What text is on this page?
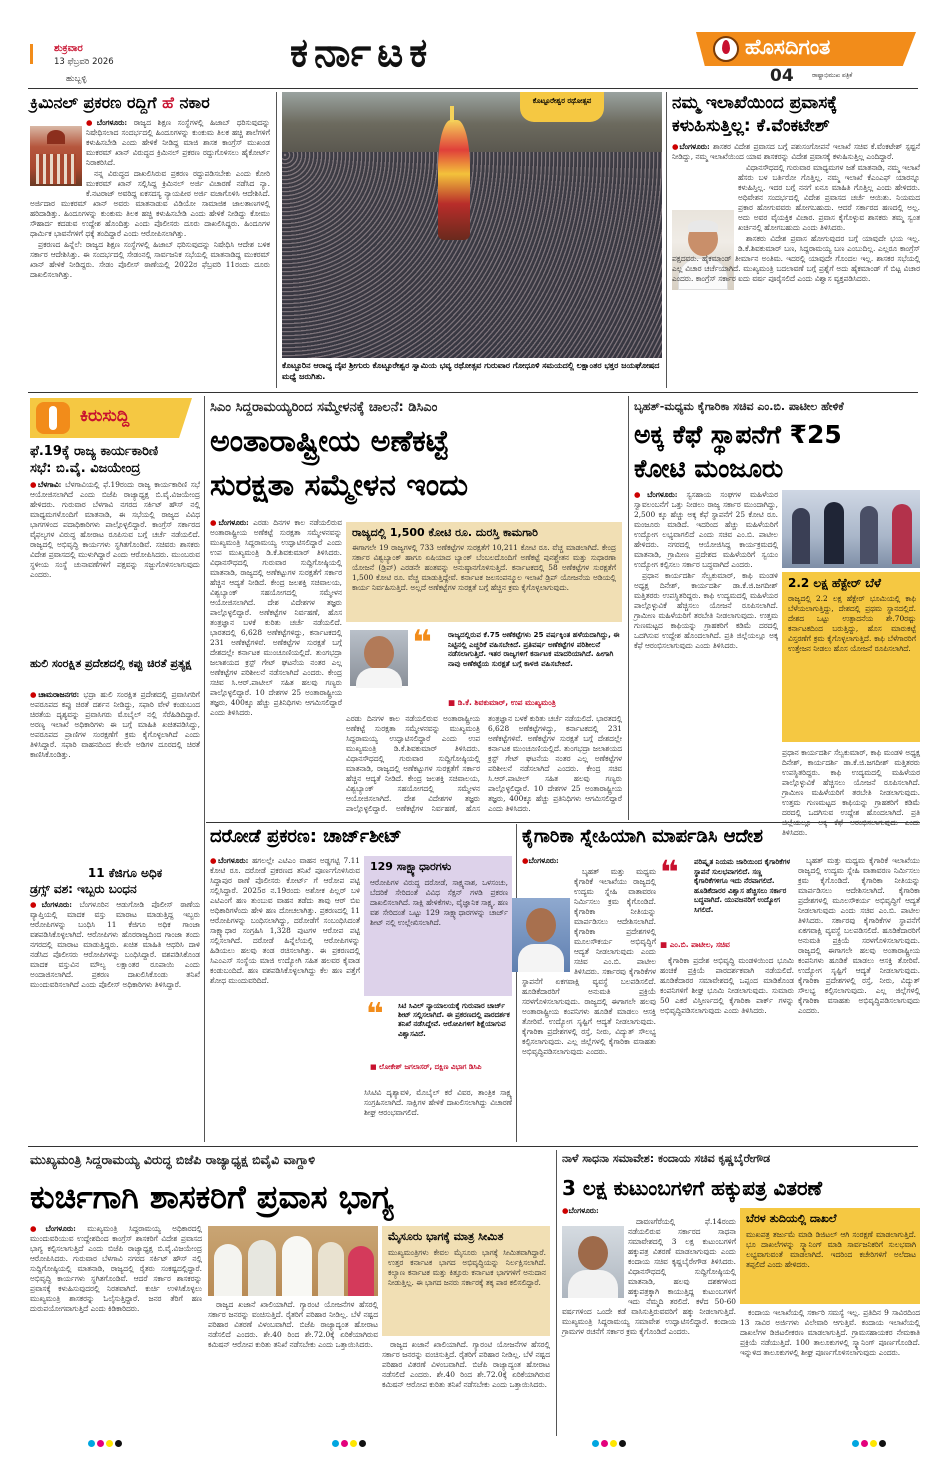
ಶುಕ್ರವಾರ
13 ಫೆಬ್ರವರಿ 2026
ಹುಬ್ಬಳ್ಳಿ
ಕರ್ನಾಟಕ	ಹೊಸದಿಗಂತ
ರಾಷ್ಟ್ರಾಭಿಮುಖ ಪತ್ರಿಕೆ
04
ಕ್ರಿಮಿನಲ್ ಪ್ರಕರಣ ರದ್ದಿಗೆ ಹೆ ನಕಾರ

●ಬೆಂಗಳೂರು: ರಾಜ್ಯದ ಶಿಕ್ಷಣ ಸಂಸ್ಥೆಗಳಲ್ಲಿ ಹಿಜಾಬ್ ಧರಿಸುವುದನ್ನು ನಿಷೇಧಿಸಲಾದ ಸಂದರ್ಭದಲ್ಲಿ ಹಿಂದೂಗಳನ್ನು ಕುಂಕುಮ ತಿಲಕ ಹಚ್ಚಿ ಶಾಲೆಗಳಿಗೆ ಕಳುಹಿಸಬೇಡಿ ಎಂದು ಹೇಳಿಕೆ ನೀಡಿದ್ದ ಮಾಜಿ ಶಾಸಕ ಕಾಂಗ್ರೆಸ್ ಮುಖಂಡ ಮುಕರಮ್ ಖಾನ್ ವಿರುದ್ಧದ ಕ್ರಿಮಿನಲ್ ಪ್ರಕರಣ ರದ್ದುಗೊಳಿಸಲು ಹೈಕೋರ್ಟ್ ನಿರಾಕರಿಸಿದೆ.

ನನ್ನ ವಿರುದ್ಧದ ದಾಖಲಿಸಿರುವ ಪ್ರಕರಣ ರದ್ದುಪಡಿಸಬೇಕು ಎಂದು ಕೋರಿ ಮುಕರಮ್ ಖಾನ್ ಸಲ್ಲಿಸಿದ್ದ ಕ್ರಿಮಿನಲ್ ಅರ್ಜಿ ವಿಚಾರಣೆ ನಡೆಸಿದ ನ್ಯಾ. ಕೆ.ನಟರಾಜ್ ಅವರಿದ್ದ ಏಕಸದಸ್ಯ ನ್ಯಾಯಪೀಠ ಅರ್ಜಿ ವಜಾಗೊಳಿಸಿ ಆದೇಶಿಸಿದೆ. ಅರ್ಜಿದಾರ ಮುಕರಮ್ ಖಾನ್ ಅವರು ಮಾತನಾಡುವ ವಿಡಿಯೋ ಸಾಮಾಜಿಕ ಜಾಲತಾಣಗಳಲ್ಲಿ ಹರಿದಾಡಿತ್ತು. ಹಿಂದೂಗಳನ್ನು ಕುಂಕುಮ ತಿಲಕ ಹಚ್ಚಿ ಕಳುಹಿಸಬೇಡಿ ಎಂದು ಹೇಳಿಕೆ ನೀಡಿದ್ದು ಕೋಮು ಸೌಹಾರ್ದ ಕದಡುವ ಉದ್ದೇಶ ಹೊಂದಿತ್ತು ಎಂದು ಪೊಲೀಸರು ದೂರು ದಾಖಲಿಸಿದ್ದರು. ಹಿಂದೂಗಳ ಧಾರ್ಮಿಕ ಭಾವನೆಗಳಿಗೆ ಧಕ್ಕೆ ತಂದಿದ್ದಾರೆ ಎಂದು ಆರೋಪಿಸಲಾಗಿತ್ತು.

ಪ್ರಕರಣದ ಹಿನ್ನೆಲೆ: ರಾಜ್ಯದ ಶಿಕ್ಷಣ ಸಂಸ್ಥೆಗಳಲ್ಲಿ ಹಿಜಾಬ್ ಧರಿಸುವುದನ್ನು ನಿಷೇಧಿಸಿ ಆದೇಶ ಬಳಿಕ ಸರ್ಕಾರ ಆದೇಶಿಸಿತ್ತು. ಈ ಸಂದರ್ಭದಲ್ಲಿ ಸೇಡಂನಲ್ಲಿ ಸಾರ್ವಜನಿಕ ಸಭೆಯಲ್ಲಿ ಮಾತನಾಡಿದ್ದ ಮುಕರಮ್ ಖಾನ್ ಹೇಳಿಕೆ ನೀಡಿದ್ದರು. ಸೇಡಂ ಪೊಲೀಸ್ ಠಾಣೆಯಲ್ಲಿ 2022ರ ಫೆಬ್ರವರಿ 11ರಂದು ದೂರು ದಾಖಲಿಸಲಾಗಿತ್ತು.

ಕೊಟ್ಟೂರೇಶ್ವರ ರಥೋತ್ಸವ
ಕೊಟ್ಟೂರಿನ ಆರಾಧ್ಯ ದೈವ ಶ್ರೀಗುರು ಕೊಟ್ಟೂರೇಶ್ವರ ಸ್ವಾಮಿಯ ಭವ್ಯ ರಥೋತ್ಸವ ಗುರುವಾರ ಗೋಧೂಳಿ ಸಮಯದಲ್ಲಿ ಲಕ್ಷಾಂತರ ಭಕ್ತರ ಜಯಘೋಷದ ಮಧ್ಯೆ ಜರುಗಿತು.
ನಮ್ಮ ಇಲಾಖೆಯಿಂದ ಪ್ರವಾಸಕ್ಕೆ
ಕಳುಹಿಸುತ್ತಿಲ್ಲ: ಕೆ.ವೆಂಕಟೇಶ್

●ಬೆಂಗಳೂರು: ಶಾಸಕರ ವಿದೇಶ ಪ್ರವಾಸದ ಬಗ್ಗೆ ಪಶುಸಂಗೋಪನೆ ಇಲಾಖೆ ಸಚಿವ ಕೆ.ವೆಂಕಟೇಶ್ ಸ್ಪಷ್ಟನೆ ನೀಡಿದ್ದು, ನಮ್ಮ ಇಲಾಖೆಯಿಂದ ಯಾವ ಶಾಸಕರನ್ನು ವಿದೇಶ ಪ್ರವಾಸಕ್ಕೆ ಕಳುಹಿಸುತ್ತಿಲ್ಲ ಎಂದಿದ್ದಾರೆ.

ವಿಧಾನಸೌಧದಲ್ಲಿ ಗುರುವಾರ ಮಾಧ್ಯಮಗಳ ಜತೆ ಮಾತನಾಡಿ, ನಮ್ಮ ಇಲಾಖೆ ಹೆಸರು ಬಳ ಬರ್ತಿರೋ ಗೊತ್ತಿಲ್ಲ. ನಮ್ಮ ಇಲಾಖೆ ಕೆಎಂಎಫ್ ಯಾರನ್ನೂ ಕಳುಹಿಸ್ತಿಲ್ಲ. ಇದರ ಬಗ್ಗೆ ನನಗೆ ಏನೂ ಮಾಹಿತಿ ಗೊತ್ತಿಲ್ಲ ಎಂದು ಹೇಳಿದರು. ಅಧಿವೇಶನ ಸಂದರ್ಭದಲ್ಲಿ ವಿದೇಶ ಪ್ರವಾಸದ ಚರ್ಚೆ ಆಯಿತು. ನಿಯಮದ ಪ್ರಕಾರ ಹೋಗುವವರು ಹೋಗಬಹುದು. ಆದರೆ ಸರ್ಕಾರದ ಹಣದಲ್ಲಿ ಅಲ್ಲ. ಅದು ಅವರ ವೈಯಕ್ತಿಕ ವಿಚಾರ. ಪ್ರವಾಸ ಕೈಗೊಳ್ಳುವ ಶಾಸಕರು ತಮ್ಮ ಸ್ವಂತ ಖರ್ಚಿನಲ್ಲಿ ಹೋಗಬಹುದು ಎಂದು ತಿಳಿಸಿದರು.

ಶಾಸಕರು ವಿದೇಶ ಪ್ರವಾಸ ಹೋಗುವುದರ ಬಗ್ಗೆ ಯಾವುದೇ ಭಯ ಇಲ್ಲ. ಡಿ.ಕೆ.ಶಿವಕುಮಾರ್ ಬಣ, ಸಿದ್ದರಾಮಯ್ಯ ಬಣ ಎಂಬುದಿಲ್ಲ. ಎಲ್ಲರೂ ಕಾಂಗ್ರೆಸ್ ಪಕ್ಷದವರು. ಹೈಕಮಾಂಡ್ ತೀರ್ಮಾನ ಅಂತಿಮ. ಇದರಲ್ಲಿ ಯಾವುದೇ ಗೊಂದಲ ಇಲ್ಲ. ಶಾಸಕರ ಸಭೆಯಲ್ಲಿ ಎಲ್ಲ ವಿಚಾರ ಚರ್ಚೆಯಾಗಿದೆ. ಮುಖ್ಯಮಂತ್ರಿ ಬದಲಾವಣೆ ಬಗ್ಗೆ ಪ್ರಶ್ನೆಗೆ ಅದು ಹೈಕಮಾಂಡ್ ಗೆ ಬಿಟ್ಟ ವಿಚಾರ ಎಂದರು. ಕಾಂಗ್ರೆಸ್ ಸರ್ಕಾರ ಐದು ವರ್ಷ ಪೂರೈಸಲಿದೆ ಎಂದು ವಿಶ್ವಾಸ ವ್ಯಕ್ತಪಡಿಸಿದರು.

ಕಿರುಸುದ್ದಿ
ಫೆ.19ಕ್ಕೆ ರಾಜ್ಯ ಕಾರ್ಯಕಾರಿಣಿ
ಸಭೆ: ಬಿ.ವೈ. ವಿಜಯೇಂದ್ರ

●ಬೆಳಗಾವಿ: ಬೆಳಗಾವಿಯಲ್ಲಿ ಫೆ.19ರಂದು ರಾಜ್ಯ ಕಾರ್ಯಕಾರಿಣಿ ಸಭೆ ಆಯೋಜಿಸಲಾಗಿದೆ ಎಂದು ಬಿಜೆಪಿ ರಾಜ್ಯಾಧ್ಯಕ್ಷ ಬಿ.ವೈ.ವಿಜಯೇಂದ್ರ ಹೇಳಿದರು. ಗುರುವಾರ ಬೆಳಗಾವಿ ನಗರದ ಸರ್ಕಿಟ್ ಹೌಸ್ ನಲ್ಲಿ ಮಾಧ್ಯಮಗಳೊಂದಿಗೆ ಮಾತನಾಡಿ, ಈ ಸಭೆಯಲ್ಲಿ ರಾಜ್ಯದ ವಿವಿಧ ಭಾಗಗಳಿಂದ ಪದಾಧಿಕಾರಿಗಳು ಪಾಲ್ಗೊಳ್ಳಲಿದ್ದಾರೆ. ಕಾಂಗ್ರೆಸ್ ಸರ್ಕಾರದ ವೈಫಲ್ಯಗಳ ವಿರುದ್ಧ ಹೋರಾಟ ರೂಪಿಸುವ ಬಗ್ಗೆ ಚರ್ಚೆ ನಡೆಯಲಿದೆ. ರಾಜ್ಯದಲ್ಲಿ ಅಭಿವೃದ್ಧಿ ಕಾರ್ಯಗಳು ಸ್ಥಗಿತಗೊಂಡಿವೆ. ಸಚಿವರು ಶಾಸಕರು ವಿದೇಶ ಪ್ರವಾಸದಲ್ಲಿ ಮುಳುಗಿದ್ದಾರೆ ಎಂದು ಆರೋಪಿಸಿದರು. ಮುಂಬರುವ ಸ್ಥಳೀಯ ಸಂಸ್ಥೆ ಚುನಾವಣೆಗಳಿಗೆ ಪಕ್ಷವನ್ನು ಸಜ್ಜುಗೊಳಿಸಲಾಗುವುದು ಎಂದರು.

ಹುಲಿ ಸಂರಕ್ಷಿತ ಪ್ರದೇಶದಲ್ಲಿ ಕಪ್ಪು ಚಿರತೆ ಪ್ರತ್ಯಕ್ಷ

●ಚಾಮರಾಜನಗರ: ಭದ್ರಾ ಹುಲಿ ಸಂರಕ್ಷಿತ ಪ್ರದೇಶದಲ್ಲಿ ಪ್ರವಾಸಿಗರಿಗೆ ಅಪರೂಪದ ಕಪ್ಪು ಚಿರತೆ ದರ್ಶನ ನೀಡಿದ್ದು, ಸಫಾರಿ ವೇಳೆ ಕಂಡುಬಂದ ಚಿರತೆಯ ದೃಶ್ಯವನ್ನು ಪ್ರವಾಸಿಗರು ಮೊಬೈಲ್ ನಲ್ಲಿ ಸೆರೆಹಿಡಿದಿದ್ದಾರೆ. ಅರಣ್ಯ ಇಲಾಖೆ ಅಧಿಕಾರಿಗಳು ಈ ಬಗ್ಗೆ ಮಾಹಿತಿ ಖಚಿತಪಡಿಸಿದ್ದು, ಅಪರೂಪದ ಪ್ರಾಣಿಗಳ ಸಂರಕ್ಷಣೆಗೆ ಕ್ರಮ ಕೈಗೊಳ್ಳಲಾಗಿದೆ ಎಂದು ತಿಳಿಸಿದ್ದಾರೆ. ಸಫಾರಿ ವಾಹನದಿಂದ ಕೆಲವೇ ಅಡಿಗಳ ದೂರದಲ್ಲಿ ಚಿರತೆ ಕಾಣಿಸಿಕೊಂಡಿತ್ತು.

11 ಕೆಜಿಗೂ ಅಧಿಕ
ಡ್ರಗ್ಸ್ ವಶ: ಇಬ್ಬರು ಬಂಧನ

●ಬೆಂಗಳೂರು: ಬೆಂಗಳೂರಿನ ಆಡುಗೋಡಿ ಪೊಲೀಸ್ ಠಾಣೆಯ ವ್ಯಾಪ್ತಿಯಲ್ಲಿ ಮಾದಕ ವಸ್ತು ಮಾರಾಟ ಮಾಡುತ್ತಿದ್ದ ಇಬ್ಬರು ಆರೋಪಿಗಳನ್ನು ಬಂಧಿಸಿ 11 ಕೆಜಿಗೂ ಅಧಿಕ ಗಾಂಜಾ ವಶಪಡಿಸಿಕೊಳ್ಳಲಾಗಿದೆ. ಆರೋಪಿಗಳು ಹೊರರಾಜ್ಯದಿಂದ ಗಾಂಜಾ ತಂದು ನಗರದಲ್ಲಿ ಮಾರಾಟ ಮಾಡುತ್ತಿದ್ದರು. ಖಚಿತ ಮಾಹಿತಿ ಆಧರಿಸಿ ದಾಳಿ ನಡೆಸಿದ ಪೊಲೀಸರು ಆರೋಪಿಗಳನ್ನು ಬಂಧಿಸಿದ್ದಾರೆ. ವಶಪಡಿಸಿಕೊಂಡ ಮಾದಕ ವಸ್ತುವಿನ ಮೌಲ್ಯ ಲಕ್ಷಾಂತರ ರೂಪಾಯಿ ಎಂದು ಅಂದಾಜಿಸಲಾಗಿದೆ. ಪ್ರಕರಣ ದಾಖಲಿಸಿಕೊಂಡು ತನಿಖೆ ಮುಂದುವರಿಸಲಾಗಿದೆ ಎಂದು ಪೊಲೀಸ್ ಅಧಿಕಾರಿಗಳು ತಿಳಿಸಿದ್ದಾರೆ.

ಸಿಎಂ ಸಿದ್ದರಾಮಯ್ಯರಿಂದ ಸಮ್ಮೇಳನಕ್ಕೆ ಚಾಲನೆ: ಡಿಸಿಎಂ
ಅಂತಾರಾಷ್ಟ್ರೀಯ ಅಣೆಕಟ್ಟೆ
ಸುರಕ್ಷತಾ ಸಮ್ಮೇಳನ ಇಂದು

●ಬೆಂಗಳೂರು: ಎರಡು ದಿನಗಳ ಕಾಲ ನಡೆಯಲಿರುವ ಅಂತಾರಾಷ್ಟ್ರೀಯ ಅಣೆಕಟ್ಟೆ ಸುರಕ್ಷತಾ ಸಮ್ಮೇಳನವನ್ನು ಮುಖ್ಯಮಂತ್ರಿ ಸಿದ್ದರಾಮಯ್ಯ ಉದ್ಘಾಟಿಸಲಿದ್ದಾರೆ ಎಂದು ಉಪ ಮುಖ್ಯಮಂತ್ರಿ ಡಿ.ಕೆ.ಶಿವಕುಮಾರ್ ತಿಳಿಸಿದರು. ವಿಧಾನಸೌಧದಲ್ಲಿ ಗುರುವಾರ ಸುದ್ದಿಗೋಷ್ಠಿಯಲ್ಲಿ ಮಾತನಾಡಿ, ರಾಜ್ಯದಲ್ಲಿ ಅಣೆಕಟ್ಟುಗಳ ಸುರಕ್ಷತೆಗೆ ಸರ್ಕಾರ ಹೆಚ್ಚಿನ ಆದ್ಯತೆ ನೀಡಿದೆ. ಕೇಂದ್ರ ಜಲಶಕ್ತಿ ಸಚಿವಾಲಯ, ವಿಶ್ವಬ್ಯಾಂಕ್ ಸಹಯೋಗದಲ್ಲಿ ಸಮ್ಮೇಳನ ಆಯೋಜಿಸಲಾಗಿದೆ. ದೇಶ ವಿದೇಶಗಳ ತಜ್ಞರು ಪಾಲ್ಗೊಳ್ಳಲಿದ್ದಾರೆ. ಅಣೆಕಟ್ಟೆಗಳ ನಿರ್ವಹಣೆ, ಹೊಸ ತಂತ್ರಜ್ಞಾನ ಬಳಕೆ ಕುರಿತು ಚರ್ಚೆ ನಡೆಯಲಿದೆ. ಭಾರತದಲ್ಲಿ 6,628 ಅಣೆಕಟ್ಟೆಗಳಿದ್ದು, ಕರ್ನಾಟಕದಲ್ಲಿ 231 ಅಣೆಕಟ್ಟೆಗಳಿವೆ. ಅಣೆಕಟ್ಟೆಗಳ ಸುರಕ್ಷತೆ ಬಗ್ಗೆ ದೇಶದಲ್ಲೇ ಕರ್ನಾಟಕ ಮುಂಚೂಣಿಯಲ್ಲಿದೆ. ತುಂಗಭದ್ರಾ ಜಲಾಶಯದ ಕ್ರಸ್ಟ್ ಗೇಟ್ ಘಟನೆಯ ನಂತರ ಎಲ್ಲ ಅಣೆಕಟ್ಟೆಗಳ ಪರಿಶೀಲನೆ ನಡೆಸಲಾಗಿದೆ ಎಂದರು. ಕೇಂದ್ರ ಸಚಿವ ಸಿ.ಆರ್.ಪಾಟೀಲ್ ಸಹಿತ ಹಲವು ಗಣ್ಯರು ಪಾಲ್ಗೊಳ್ಳಲಿದ್ದಾರೆ. 10 ದೇಶಗಳ 25 ಅಂತಾರಾಷ್ಟ್ರೀಯ ತಜ್ಞರು, 400ಕ್ಕೂ ಹೆಚ್ಚು ಪ್ರತಿನಿಧಿಗಳು ಆಗಮಿಸಲಿದ್ದಾರೆ ಎಂದು ತಿಳಿಸಿದರು.

ರಾಜ್ಯದಲ್ಲಿ 1,500 ಕೋಟಿ ರೂ. ದುರಸ್ತಿ ಕಾಮಗಾರಿ
ಈಗಾಗಲೇ 19 ರಾಜ್ಯಗಳಲ್ಲಿ 733 ಅಣೆಕಟ್ಟೆಗಳ ಸುರಕ್ಷತೆಗೆ 10,211 ಕೋಟಿ ರೂ. ವೆಚ್ಚ ಮಾಡಲಾಗಿದೆ. ಕೇಂದ್ರ ಸರ್ಕಾರ ವಿಶ್ವಬ್ಯಾಂಕ್ ಹಾಗೂ ಏಷಿಯಾದ ಬ್ಯಾಂಕ್ ಬೆಂಬಲದೊಂದಿಗೆ ಅಣೆಕಟ್ಟೆ ಪುನಶ್ಚೇತನ ಮತ್ತು ಸುಧಾರಣಾ ಯೋಜನೆ (ಡ್ರಿಪ್) ಎರಡನೇ ಹಂತವನ್ನು ಅನುಷ್ಠಾನಗೊಳಿಸುತ್ತಿದೆ. ಕರ್ನಾಟಕದಲ್ಲಿ 58 ಅಣೆಕಟ್ಟೆಗಳ ಸುರಕ್ಷತೆಗೆ 1,500 ಕೋಟಿ ರೂ. ವೆಚ್ಚ ಮಾಡುತ್ತಿದ್ದೇವೆ. ಕರ್ನಾಟಕ ಜಲಸಂಪನ್ಮೂಲ ಇಲಾಖೆ ಡ್ರಿಪ್ ಯೋಜನೆಯ ಅಡಿಯಲ್ಲಿ ಕಾರ್ಯ ನಿರ್ವಹಿಸುತ್ತಿದೆ. ಅಲ್ಲದೆ ಅಣೆಕಟ್ಟೆಗಳ ಸುರಕ್ಷತೆ ಬಗ್ಗೆ ಹೆಚ್ಚಿನ ಕ್ರಮ ಕೈಗೊಳ್ಳಲಾಗುವುದು.
❝ ರಾಜ್ಯದಲ್ಲಿರುವ ಕೆ.75 ಅಣೆಕಟ್ಟೆಗಳು 25 ವರ್ಷಕ್ಕಿಂತ ಹಳೆಯದಾಗಿದ್ದು, ಈ ನಿಟ್ಟಿನಲ್ಲಿ ಎಚ್ಚರಿಕೆ ವಹಿಸಬೇಕಿದೆ. ಪ್ರತಿವರ್ಷ ಅಣೆಕಟ್ಟೆಗಳ ಪರಿಶೀಲನೆ ನಡೆಸಲಾಗುತ್ತಿದೆ. ಇತರ ರಾಜ್ಯಗಳಿಗೆ ಕರ್ನಾಟಕ ಮಾದರಿಯಾಗಿದೆ. ಹೀಗಾಗಿ ನಾವು ಅಣೆಕಟ್ಟೆಯ ಸುರಕ್ಷತೆ ಬಗ್ಗೆ ಕಾಳಜಿ ವಹಿಸಬೇಕಿದೆ.
■ ಡಿ.ಕೆ. ಶಿವಕುಮಾರ್, ಉಪ ಮುಖ್ಯಮಂತ್ರಿ

ಎರಡು ದಿನಗಳ ಕಾಲ ನಡೆಯಲಿರುವ ಅಂತಾರಾಷ್ಟ್ರೀಯ ಅಣೆಕಟ್ಟೆ ಸುರಕ್ಷತಾ ಸಮ್ಮೇಳನವನ್ನು ಮುಖ್ಯಮಂತ್ರಿ ಸಿದ್ದರಾಮಯ್ಯ ಉದ್ಘಾಟಿಸಲಿದ್ದಾರೆ ಎಂದು ಉಪ ಮುಖ್ಯಮಂತ್ರಿ ಡಿ.ಕೆ.ಶಿವಕುಮಾರ್ ತಿಳಿಸಿದರು. ವಿಧಾನಸೌಧದಲ್ಲಿ ಗುರುವಾರ ಸುದ್ದಿಗೋಷ್ಠಿಯಲ್ಲಿ ಮಾತನಾಡಿ, ರಾಜ್ಯದಲ್ಲಿ ಅಣೆಕಟ್ಟುಗಳ ಸುರಕ್ಷತೆಗೆ ಸರ್ಕಾರ ಹೆಚ್ಚಿನ ಆದ್ಯತೆ ನೀಡಿದೆ. ಕೇಂದ್ರ ಜಲಶಕ್ತಿ ಸಚಿವಾಲಯ, ವಿಶ್ವಬ್ಯಾಂಕ್ ಸಹಯೋಗದಲ್ಲಿ ಸಮ್ಮೇಳನ ಆಯೋಜಿಸಲಾಗಿದೆ. ದೇಶ ವಿದೇಶಗಳ ತಜ್ಞರು ಪಾಲ್ಗೊಳ್ಳಲಿದ್ದಾರೆ. ಅಣೆಕಟ್ಟೆಗಳ ನಿರ್ವಹಣೆ, ಹೊಸ ತಂತ್ರಜ್ಞಾನ ಬಳಕೆ ಕುರಿತು ಚರ್ಚೆ ನಡೆಯಲಿದೆ. ಭಾರತದಲ್ಲಿ 6,628 ಅಣೆಕಟ್ಟೆಗಳಿದ್ದು, ಕರ್ನಾಟಕದಲ್ಲಿ 231 ಅಣೆಕಟ್ಟೆಗಳಿವೆ. ಅಣೆಕಟ್ಟೆಗಳ ಸುರಕ್ಷತೆ ಬಗ್ಗೆ ದೇಶದಲ್ಲೇ ಕರ್ನಾಟಕ ಮುಂಚೂಣಿಯಲ್ಲಿದೆ. ತುಂಗಭದ್ರಾ ಜಲಾಶಯದ ಕ್ರಸ್ಟ್ ಗೇಟ್ ಘಟನೆಯ ನಂತರ ಎಲ್ಲ ಅಣೆಕಟ್ಟೆಗಳ ಪರಿಶೀಲನೆ ನಡೆಸಲಾಗಿದೆ ಎಂದರು. ಕೇಂದ್ರ ಸಚಿವ ಸಿ.ಆರ್.ಪಾಟೀಲ್ ಸಹಿತ ಹಲವು ಗಣ್ಯರು ಪಾಲ್ಗೊಳ್ಳಲಿದ್ದಾರೆ. 10 ದೇಶಗಳ 25 ಅಂತಾರಾಷ್ಟ್ರೀಯ ತಜ್ಞರು, 400ಕ್ಕೂ ಹೆಚ್ಚು ಪ್ರತಿನಿಧಿಗಳು ಆಗಮಿಸಲಿದ್ದಾರೆ ಎಂದು ತಿಳಿಸಿದರು.

ಬೃಹತ್-ಮಧ್ಯಮ ಕೈಗಾರಿಕಾ ಸಚಿವ ಎಂ.ಬಿ. ಪಾಟೀಲ ಹೇಳಿಕೆ
ಅಕ್ಕ ಕೆಫೆ ಸ್ಥಾಪನೆಗೆ ₹25
ಕೋಟಿ ಮಂಜೂರು

●ಬೆಂಗಳೂರು: ಸ್ವಸಹಾಯ ಸಂಘಗಳ ಮಹಿಳೆಯರ ಸ್ವಾವಲಂಬನೆಗೆ ಒತ್ತು ನೀಡಲು ರಾಜ್ಯ ಸರ್ಕಾರ ಮುಂದಾಗಿದ್ದು, 2,500 ಕ್ಕೂ ಹೆಚ್ಚು ಅಕ್ಕ ಕೆಫೆ ಸ್ಥಾಪನೆಗೆ 25 ಕೋಟಿ ರೂ. ಮಂಜೂರು ಮಾಡಿದೆ. ಇದರಿಂದ ಹೆಚ್ಚು ಮಹಿಳೆಯರಿಗೆ ಉದ್ಯೋಗ ಲಭ್ಯವಾಗಲಿದೆ ಎಂದು ಸಚಿವ ಎಂ.ಬಿ. ಪಾಟೀಲ ಹೇಳಿದರು. ನಗರದಲ್ಲಿ ಆಯೋಜಿಸಿದ್ದ ಕಾರ್ಯಕ್ರಮದಲ್ಲಿ ಮಾತನಾಡಿ, ಗ್ರಾಮೀಣ ಪ್ರದೇಶದ ಮಹಿಳೆಯರಿಗೆ ಸ್ವಯಂ ಉದ್ಯೋಗ ಕಲ್ಪಿಸಲು ಸರ್ಕಾರ ಬದ್ಧವಾಗಿದೆ ಎಂದರು.

ಪ್ರಧಾನ ಕಾರ್ಯದರ್ಶಿ ಸೆಲ್ವಕುಮಾರ್, ಕಾಫಿ ಮಂಡಳಿ ಅಧ್ಯಕ್ಷ ದಿನೇಶ್, ಕಾರ್ಯದರ್ಶಿ ಡಾ.ಕೆ.ಜಿ.ಜಗದೀಶ್ ಮತ್ತಿತರರು ಉಪಸ್ಥಿತರಿದ್ದರು. ಕಾಫಿ ಉದ್ಯಮದಲ್ಲಿ ಮಹಿಳೆಯರ ಪಾಲ್ಗೊಳ್ಳುವಿಕೆ ಹೆಚ್ಚಿಸಲು ಯೋಜನೆ ರೂಪಿಸಲಾಗಿದೆ. ಗ್ರಾಮೀಣ ಮಹಿಳೆಯರಿಗೆ ತರಬೇತಿ ನೀಡಲಾಗುವುದು. ಉತ್ತಮ ಗುಣಮಟ್ಟದ ಕಾಫಿಯನ್ನು ಗ್ರಾಹಕರಿಗೆ ಕಡಿಮೆ ದರದಲ್ಲಿ ಒದಗಿಸುವ ಉದ್ದೇಶ ಹೊಂದಲಾಗಿದೆ. ಪ್ರತಿ ಜಿಲ್ಲೆಯಲ್ಲೂ ಅಕ್ಕ ಕೆಫೆ ಆರಂಭಿಸಲಾಗುವುದು ಎಂದು ತಿಳಿಸಿದರು.

2.2 ಲಕ್ಷ ಹೆಕ್ಟೇರ್ ಬೆಳೆ
ರಾಜ್ಯದಲ್ಲಿ 2.2 ಲಕ್ಷ ಹೆಕ್ಟೇರ್ ಭೂಮಿಯಲ್ಲಿ ಕಾಫಿ ಬೆಳೆಯಲಾಗುತ್ತಿದ್ದು, ದೇಶದಲ್ಲಿ ಪ್ರಥಮ ಸ್ಥಾನದಲ್ಲಿದೆ. ದೇಶದ ಒಟ್ಟು ಉತ್ಪಾದನೆಯ ಶೇ.70ರಷ್ಟು ಕರ್ನಾಟಕದಿಂದ ಬರುತ್ತಿದ್ದು, ಹೊಸ ಮಾರುಕಟ್ಟೆ ವಿಸ್ತರಣೆಗೆ ಕ್ರಮ ಕೈಗೊಳ್ಳಲಾಗುತ್ತಿದೆ. ಕಾಫಿ ಬೆಳೆಗಾರರಿಗೆ ಉತ್ತೇಜನ ನೀಡಲು ಹೊಸ ಯೋಜನೆ ರೂಪಿಸಲಾಗಿದೆ.

ಪ್ರಧಾನ ಕಾರ್ಯದರ್ಶಿ ಸೆಲ್ವಕುಮಾರ್, ಕಾಫಿ ಮಂಡಳಿ ಅಧ್ಯಕ್ಷ ದಿನೇಶ್, ಕಾರ್ಯದರ್ಶಿ ಡಾ.ಕೆ.ಜಿ.ಜಗದೀಶ್ ಮತ್ತಿತರರು ಉಪಸ್ಥಿತರಿದ್ದರು. ಕಾಫಿ ಉದ್ಯಮದಲ್ಲಿ ಮಹಿಳೆಯರ ಪಾಲ್ಗೊಳ್ಳುವಿಕೆ ಹೆಚ್ಚಿಸಲು ಯೋಜನೆ ರೂಪಿಸಲಾಗಿದೆ. ಗ್ರಾಮೀಣ ಮಹಿಳೆಯರಿಗೆ ತರಬೇತಿ ನೀಡಲಾಗುವುದು. ಉತ್ತಮ ಗುಣಮಟ್ಟದ ಕಾಫಿಯನ್ನು ಗ್ರಾಹಕರಿಗೆ ಕಡಿಮೆ ದರದಲ್ಲಿ ಒದಗಿಸುವ ಉದ್ದೇಶ ಹೊಂದಲಾಗಿದೆ. ಪ್ರತಿ ತಿಳಿಸಿದರು.

ದರೋಡೆ ಪ್ರಕರಣ: ಚಾರ್ಜ್‌ಶೀಟ್

●ಬೆಂಗಳೂರು: ಹಗಲಲ್ಲೇ ಎಟಿಎಂ ವಾಹನ ಅಡ್ಡಗಟ್ಟಿ 7.11 ಕೋಟಿ ರೂ. ದರೋಡೆ ಪ್ರಕರಣದ ತನಿಖೆ ಪೂರ್ಣಗೊಳಿಸಿರುವ ಸಿದ್ದಾಪುರ ಠಾಣೆ ಪೊಲೀಸರು ಕೋರ್ಟ್ ಗೆ ಆರೋಪ ಪಟ್ಟಿ ಸಲ್ಲಿಸಿದ್ದಾರೆ. 2025ರ ನ.19ರಂದು ಅಶೋಕ ಪಿಲ್ಲರ್ ಬಳಿ ಎಟಿಎಂಗೆ ಹಣ ತುಂಬುವ ವಾಹನ ತಡೆದು ತಾವು ಆರ್ ಬಿಐ ಅಧಿಕಾರಿಗಳೆಂದು ಹೇಳಿ ಹಣ ದೋಚಲಾಗಿತ್ತು. ಪ್ರಕರಣದಲ್ಲಿ 11 ಆರೋಪಿಗಳನ್ನು ಬಂಧಿಸಲಾಗಿದ್ದು, ದರೋಡೆಗೆ ಸಂಬಂಧಿಸಿದಂತೆ ಸಾಕ್ಷ್ಯಾಧಾರ ಸಂಗ್ರಹಿಸಿ 1,328 ಪುಟಗಳ ಆರೋಪ ಪಟ್ಟಿ ಸಲ್ಲಿಸಲಾಗಿದೆ. ದರೋಡೆ ಹಿನ್ನೆಲೆಯಲ್ಲಿ ಆರೋಪಿಗಳನ್ನು ಹಿಡಿಯಲು ಹಲವು ತಂಡ ರಚಿಸಲಾಗಿತ್ತು. ಈ ಪ್ರಕರಣದಲ್ಲಿ ಸಿಎಂಎಸ್ ಸಂಸ್ಥೆಯ ಮಾಜಿ ಉದ್ಯೋಗಿ ಸಹಿತ ಹಲವರ ಕೈವಾಡ ಕಂಡುಬಂದಿದೆ. ಹಣ ವಶಪಡಿಸಿಕೊಳ್ಳಲಾಗಿದ್ದು ಕೆಲ ಹಣ ಪತ್ತೆಗೆ ಶೋಧ ಮುಂದುವರಿದಿದೆ.

129 ಸಾಕ್ಷ್ಯಾಧಾರಗಳು
ಆರೋಪಿಗಳ ವಿರುದ್ಧ ದರೋಡೆ, ಸಾಕ್ಷ್ಯನಾಶ, ಒಳಸಂಚು, ಬೆದರಿಕೆ ಸೇರಿದಂತೆ ವಿವಿಧ ಸೆಕ್ಷನ್ ಗಳಡಿ ಪ್ರಕರಣ ದಾಖಲಿಸಲಾಗಿದೆ. ಸಾಕ್ಷಿ ಹೇಳಿಕೆಗಳು, ವೈಜ್ಞಾನಿಕ ಸಾಕ್ಷ್ಯ, ಹಣ ವಶ ಸೇರಿದಂತೆ ಒಟ್ಟು 129 ಸಾಕ್ಷ್ಯಾಧಾರಗಳನ್ನು ಚಾರ್ಜ್ ಶೀಟ್ ನಲ್ಲಿ ಉಲ್ಲೇಖಿಸಲಾಗಿದೆ.
❝ ಸಿಟಿ ಸಿವಿಲ್ ನ್ಯಾಯಾಲಯಕ್ಕೆ ಗುರುವಾರ ಚಾರ್ಜ್ ಶೀಟ್ ಸಲ್ಲಿಸಲಾಗಿದೆ. ಈ ಪ್ರಕರಣದಲ್ಲಿ ಪಾರದರ್ಶಕ ತನಿಖೆ ನಡೆಸಿದ್ದೇವೆ. ಆರೋಪಿಗಳಿಗೆ ಶಿಕ್ಷೆಯಾಗುವ ವಿಶ್ವಾಸವಿದೆ.
■ ಲೋಕೇಶ್ ಜಗಲಾಸರ್, ದಕ್ಷಿಣ ವಿಭಾಗ ಡಿಸಿಪಿ
ಸಿಸಿಟಿವಿ ದೃಶ್ಯಾವಳಿ, ಮೊಬೈಲ್ ಕರೆ ವಿವರ, ತಾಂತ್ರಿಕ ಸಾಕ್ಷ್ಯ ಸಂಗ್ರಹಿಸಲಾಗಿದೆ. ಸಾಕ್ಷಿಗಳ ಹೇಳಿಕೆ ದಾಖಲಿಸಲಾಗಿದ್ದು ವಿಚಾರಣೆ ಶೀಘ್ರ ಆರಂಭವಾಗಲಿದೆ.
ಕೈಗಾರಿಕಾ ಸ್ನೇಹಿಯಾಗಿ ಮಾರ್ಪಡಿಸಿ ಆದೇಶ

●ಬೆಂಗಳೂರು:

ಬೃಹತ್ ಮತ್ತು ಮಧ್ಯಮ ಕೈಗಾರಿಕೆ ಇಲಾಖೆಯು ರಾಜ್ಯದಲ್ಲಿ ಉದ್ಯಮ ಸ್ನೇಹಿ ವಾತಾವರಣ ನಿರ್ಮಿಸಲು ಕ್ರಮ ಕೈಗೊಂಡಿದೆ. ಕೈಗಾರಿಕಾ ನೀತಿಯನ್ನು ಮಾರ್ಪಡಿಸಲು ಆದೇಶಿಸಲಾಗಿದೆ. ಕೈಗಾರಿಕಾ ಪ್ರದೇಶಗಳಲ್ಲಿ ಮೂಲಸೌಕರ್ಯ ಅಭಿವೃದ್ಧಿಗೆ ಆದ್ಯತೆ ನೀಡಲಾಗುವುದು ಎಂದು ಸಚಿವ ಎಂ.ಬಿ. ಪಾಟೀಲ ತಿಳಿಸಿದರು. ಸರ್ಕಾರವು ಕೈಗಾರಿಕೆಗಳ ಸ್ಥಾಪನೆಗೆ ಏಕಗವಾಕ್ಷಿ ವ್ಯವಸ್ಥೆ ಬಲಪಡಿಸಲಿದೆ. ಹೂಡಿಕೆದಾರರಿಗೆ ಅನುಮತಿ ಪ್ರಕ್ರಿಯೆ ಸರಳಗೊಳಿಸಲಾಗುವುದು. ರಾಜ್ಯದಲ್ಲಿ ಈಗಾಗಲೇ ಹಲವು ಅಂತಾರಾಷ್ಟ್ರೀಯ ಕಂಪನಿಗಳು ಹೂಡಿಕೆ ಮಾಡಲು ಆಸಕ್ತಿ ತೋರಿವೆ. ಉದ್ಯೋಗ ಸೃಷ್ಟಿಗೆ ಆದ್ಯತೆ ನೀಡಲಾಗುವುದು. ಕೈಗಾರಿಕಾ ಪ್ರದೇಶಗಳಲ್ಲಿ ರಸ್ತೆ, ನೀರು, ವಿದ್ಯುತ್ ಸೌಲಭ್ಯ ಕಲ್ಪಿಸಲಾಗುವುದು. ಎಲ್ಲ ಜಿಲ್ಲೆಗಳಲ್ಲಿ ಕೈಗಾರಿಕಾ ವಸಾಹತು ಅಭಿವೃದ್ಧಿಪಡಿಸಲಾಗುವುದು ಎಂದರು.

❝ ಪರಿಷ್ಕೃತ ನಿಯಮ ಜಾರಿಯಿಂದ ಕೈಗಾರಿಕೆಗಳ ಸ್ಥಾಪನೆ ಸುಲಭವಾಗಲಿದೆ. ಸಣ್ಣ ಕೈಗಾರಿಕೆಗಳಿಗೂ ಇದು ನೆರವಾಗಲಿದೆ. ಹೂಡಿಕೆದಾರರ ವಿಶ್ವಾಸ ಹೆಚ್ಚಿಸಲು ಸರ್ಕಾರ ಬದ್ಧವಾಗಿದೆ. ಯುವಜನರಿಗೆ ಉದ್ಯೋಗ ಸಿಗಲಿದೆ.
■ ಎಂ.ಬಿ. ಪಾಟೀಲ, ಸಚಿವ

ಕೈಗಾರಿಕಾ ಪ್ರದೇಶ ಅಭಿವೃದ್ಧಿ ಮಂಡಳಿಯಿಂದ ಭೂಮಿ ಹಂಚಿಕೆ ಪ್ರಕ್ರಿಯೆ ಪಾರದರ್ಶಕವಾಗಿ ನಡೆಯಲಿದೆ. ಹೂಡಿಕೆದಾರರ ಸಮಾವೇಶದಲ್ಲಿ ಒಪ್ಪಂದ ಮಾಡಿಕೊಂಡ ಕಂಪನಿಗಳಿಗೆ ಶೀಘ್ರ ಭೂಮಿ ನೀಡಲಾಗುವುದು. ಸುಮಾರು 50 ಎಕರೆ ವಿಸ್ತೀರ್ಣದಲ್ಲಿ ಕೈಗಾರಿಕಾ ಪಾರ್ಕ್ ಗಳನ್ನು ಅಭಿವೃದ್ಧಿಪಡಿಸಲಾಗುವುದು ಎಂದು ತಿಳಿಸಿದರು.

ಬೃಹತ್ ಮತ್ತು ಮಧ್ಯಮ ಕೈಗಾರಿಕೆ ಇಲಾಖೆಯು ರಾಜ್ಯದಲ್ಲಿ ಉದ್ಯಮ ಸ್ನೇಹಿ ವಾತಾವರಣ ನಿರ್ಮಿಸಲು ಕ್ರಮ ಕೈಗೊಂಡಿದೆ. ಕೈಗಾರಿಕಾ ನೀತಿಯನ್ನು ಮಾರ್ಪಡಿಸಲು ಆದೇಶಿಸಲಾಗಿದೆ. ಕೈಗಾರಿಕಾ ಪ್ರದೇಶಗಳಲ್ಲಿ ಮೂಲಸೌಕರ್ಯ ಅಭಿವೃದ್ಧಿಗೆ ಆದ್ಯತೆ ನೀಡಲಾಗುವುದು ಎಂದು ಸಚಿವ ಎಂ.ಬಿ. ಪಾಟೀಲ ತಿಳಿಸಿದರು. ಸರ್ಕಾರವು ಕೈಗಾರಿಕೆಗಳ ಸ್ಥಾಪನೆಗೆ ಏಕಗವಾಕ್ಷಿ ವ್ಯವಸ್ಥೆ ಬಲಪಡಿಸಲಿದೆ. ಹೂಡಿಕೆದಾರರಿಗೆ ಅನುಮತಿ ಪ್ರಕ್ರಿಯೆ ಸರಳಗೊಳಿಸಲಾಗುವುದು. ರಾಜ್ಯದಲ್ಲಿ ಈಗಾಗಲೇ ಹಲವು ಅಂತಾರಾಷ್ಟ್ರೀಯ ಕಂಪನಿಗಳು ಹೂಡಿಕೆ ಮಾಡಲು ಆಸಕ್ತಿ ತೋರಿವೆ. ಉದ್ಯೋಗ ಸೃಷ್ಟಿಗೆ ಆದ್ಯತೆ ನೀಡಲಾಗುವುದು. ಕೈಗಾರಿಕಾ ಪ್ರದೇಶಗಳಲ್ಲಿ ರಸ್ತೆ, ನೀರು, ವಿದ್ಯುತ್ ಸೌಲಭ್ಯ ಕಲ್ಪಿಸಲಾಗುವುದು. ಎಲ್ಲ ಜಿಲ್ಲೆಗಳಲ್ಲಿ ಕೈಗಾರಿಕಾ ವಸಾಹತು ಅಭಿವೃದ್ಧಿಪಡಿಸಲಾಗುವುದು ಎಂದರು.

ಮುಖ್ಯಮಂತ್ರಿ ಸಿದ್ದರಾಮಯ್ಯ ವಿರುದ್ಧ ಬಿಜೆಪಿ ರಾಜ್ಯಾಧ್ಯಕ್ಷ ಬಿವೈವಿ ವಾಗ್ದಾಳಿ
ಕುರ್ಚಿಗಾಗಿ ಶಾಸಕರಿಗೆ ಪ್ರವಾಸ ಭಾಗ್ಯ

●ಬೆಂಗಳೂರು: ಮುಖ್ಯಮಂತ್ರಿ ಸಿದ್ದರಾಮಯ್ಯ ಅಧಿಕಾರದಲ್ಲಿ ಮುಂದುವರಿಯುವ ಉದ್ದೇಶದಿಂದ ಕಾಂಗ್ರೆಸ್ ಶಾಸಕರಿಗೆ ವಿದೇಶ ಪ್ರವಾಸದ ಭಾಗ್ಯ ಕಲ್ಪಿಸಲಾಗುತ್ತಿದೆ ಎಂದು ಬಿಜೆಪಿ ರಾಜ್ಯಾಧ್ಯಕ್ಷ ಬಿ.ವೈ.ವಿಜಯೇಂದ್ರ ಆರೋಪಿಸಿದರು. ಗುರುವಾರ ಬೆಳಗಾವಿ ನಗರದ ಸರ್ಕಿಟ್ ಹೌಸ್ ನಲ್ಲಿ ಸುದ್ದಿಗೋಷ್ಠಿಯಲ್ಲಿ ಮಾತನಾಡಿ, ರಾಜ್ಯದಲ್ಲಿ ರೈತರು ಸಂಕಷ್ಟದಲ್ಲಿದ್ದಾರೆ. ಅಭಿವೃದ್ಧಿ ಕಾರ್ಯಗಳು ಸ್ಥಗಿತಗೊಂಡಿವೆ. ಆದರೆ ಸರ್ಕಾರ ಶಾಸಕರನ್ನು ಪ್ರವಾಸಕ್ಕೆ ಕಳುಹಿಸುವುದರಲ್ಲಿ ನಿರತವಾಗಿದೆ. ಕುರ್ಚಿ ಉಳಿಸಿಕೊಳ್ಳಲು ಮುಖ್ಯಮಂತ್ರಿ ಶಾಸಕರನ್ನು ಓಲೈಸುತ್ತಿದ್ದಾರೆ. ಜನರ ತೆರಿಗೆ ಹಣ ದುರುಪಯೋಗವಾಗುತ್ತಿದೆ ಎಂದು ಕಿಡಿಕಾರಿದರು.	ರಾಜ್ಯದ ಖಜಾನೆ ಖಾಲಿಯಾಗಿದೆ. ಗ್ಯಾರಂಟಿ ಯೋಜನೆಗಳ ಹೆಸರಲ್ಲಿ ಸರ್ಕಾರ ಜನರನ್ನು ವಂಚಿಸುತ್ತಿದೆ. ರೈತರಿಗೆ ಪರಿಹಾರ ನೀಡಿಲ್ಲ. ಬೆಳೆ ನಷ್ಟದ ಪರಿಹಾರ ವಿತರಣೆ ವಿಳಂಬವಾಗಿದೆ. ಬಿಜೆಪಿ ರಾಜ್ಯಾದ್ಯಂತ ಹೋರಾಟ ನಡೆಸಲಿದೆ ಎಂದರು. ಶೇ.40 ರಿಂದ ಶೇ.72.0ಕ್ಕೆ ಏರಿಕೆಯಾಗಿರುವ ಕಮಿಷನ್ ಆರೋಪ ಕುರಿತು ತನಿಖೆ ನಡೆಸಬೇಕು ಎಂದು ಒತ್ತಾಯಿಸಿದರು.

ಮೈಸೂರು ಭಾಗಕ್ಕೆ ಮಾತ್ರ ಸೀಮಿತ
ಮುಖ್ಯಮಂತ್ರಿಗಳು ಕೇವಲ ಮೈಸೂರು ಭಾಗಕ್ಕೆ ಸೀಮಿತವಾಗಿದ್ದಾರೆ. ಉತ್ತರ ಕರ್ನಾಟಕ ಭಾಗದ ಅಭಿವೃದ್ಧಿಯನ್ನು ನಿರ್ಲಕ್ಷಿಸಲಾಗಿದೆ. ಕಲ್ಯಾಣ ಕರ್ನಾಟಕ ಮತ್ತು ಕಿತ್ತೂರು ಕರ್ನಾಟಕ ಭಾಗಗಳಿಗೆ ಅನುದಾನ ನೀಡುತ್ತಿಲ್ಲ. ಈ ಭಾಗದ ಜನರು ಸರ್ಕಾರಕ್ಕೆ ತಕ್ಕ ಪಾಠ ಕಲಿಸಲಿದ್ದಾರೆ.

ರಾಜ್ಯದ ಖಜಾನೆ ಖಾಲಿಯಾಗಿದೆ. ಗ್ಯಾರಂಟಿ ಯೋಜನೆಗಳ ಹೆಸರಲ್ಲಿ ಸರ್ಕಾರ ಜನರನ್ನು ವಂಚಿಸುತ್ತಿದೆ. ರೈತರಿಗೆ ಪರಿಹಾರ ನೀಡಿಲ್ಲ. ಬೆಳೆ ನಷ್ಟದ ಪರಿಹಾರ ವಿತರಣೆ ವಿಳಂಬವಾಗಿದೆ. ಬಿಜೆಪಿ ರಾಜ್ಯಾದ್ಯಂತ ಹೋರಾಟ ನಡೆಸಲಿದೆ ಎಂದರು. ಶೇ.40 ರಿಂದ ಶೇ.72.0ಕ್ಕೆ ಏರಿಕೆಯಾಗಿರುವ ಕಮಿಷನ್ ಆರೋಪ ಕುರಿತು ತನಿಖೆ ನಡೆಸಬೇಕು ಎಂದು ಒತ್ತಾಯಿಸಿದರು.

ನಾಳೆ ಸಾಧನಾ ಸಮಾವೇಶ: ಕಂದಾಯ ಸಚಿವ ಕೃಷ್ಣಬೈರೇಗೌಡ
3 ಲಕ್ಷ ಕುಟುಂಬಗಳಿಗೆ ಹಕ್ಕುಪತ್ರ ವಿತರಣೆ

●ಬೆಂಗಳೂರು:

ದಾವಣಗೆರೆಯಲ್ಲಿ ಫೆ.14ರಂದು ನಡೆಯಲಿರುವ ಸರ್ಕಾರದ ಸಾಧನಾ ಸಮಾವೇಶದಲ್ಲಿ 3 ಲಕ್ಷ ಕುಟುಂಬಗಳಿಗೆ ಹಕ್ಕುಪತ್ರ ವಿತರಣೆ ಮಾಡಲಾಗುವುದು ಎಂದು ಕಂದಾಯ ಸಚಿವ ಕೃಷ್ಣಬೈರೇಗೌಡ ತಿಳಿಸಿದರು. ವಿಧಾನಸೌಧದಲ್ಲಿ ಸುದ್ದಿಗೋಷ್ಠಿಯಲ್ಲಿ ಮಾತನಾಡಿ, ಹಲವು ದಶಕಗಳಿಂದ ಹಕ್ಕುಪತ್ರಕ್ಕಾಗಿ ಕಾಯುತ್ತಿದ್ದ ಕುಟುಂಬಗಳಿಗೆ ಇದು ನೆಮ್ಮದಿ ತರಲಿದೆ. ಕಳೆದ 50-60 ವರ್ಷಗಳಿಂದ ಒಂದೇ ಕಡೆ ವಾಸಿಸುತ್ತಿರುವವರಿಗೆ ಹಕ್ಕು ನೀಡಲಾಗುತ್ತಿದೆ. ಮುಖ್ಯಮಂತ್ರಿ ಸಿದ್ದರಾಮಯ್ಯ ಸಮಾವೇಶ ಉದ್ಘಾಟಿಸಲಿದ್ದಾರೆ. ಕಂದಾಯ ಗ್ರಾಮಗಳ ರಚನೆಗೆ ಸರ್ಕಾರ ಕ್ರಮ ಕೈಗೊಂಡಿದೆ ಎಂದರು.

ಬೆರಳ ತುದಿಯಲ್ಲಿ ದಾಖಲೆ
ಮುಖಪತ್ರ ತರ್ಜುಮೆ ಮಾಡಿ ಡಿಜಿಟಲ್ ಆಗಿ ಸಂರಕ್ಷಣೆ ಮಾಡಲಾಗುತ್ತಿದೆ. ಭೂ ದಾಖಲೆಗಳನ್ನು ಸ್ಕ್ಯಾನಿಂಗ್ ಮಾಡಿ ಸಾರ್ವಜನಿಕರಿಗೆ ಸುಲಭವಾಗಿ ಲಭ್ಯವಾಗುವಂತೆ ಮಾಡಲಾಗಿದೆ. ಇದರಿಂದ ಕಚೇರಿಗಳಿಗೆ ಅಲೆದಾಟ ತಪ್ಪಲಿದೆ ಎಂದು ಹೇಳಿದರು.

ಕಂದಾಯ ಇಲಾಖೆಯಲ್ಲಿ ಸರ್ಕಾರಿ ಸಮಸ್ಯೆ ಇಲ್ಲ. ಪ್ರತಿದಿನ 9 ಸಾವಿರದಿಂದ 13 ಸಾವಿರ ಅರ್ಜಿಗಳು ವಿಲೇವಾರಿ ಆಗುತ್ತಿವೆ. ಕಂದಾಯ ಇಲಾಖೆಯಲ್ಲಿ ದಾಖಲೆಗಳ ಡಿಜಿಟಲೀಕರಣ ಮಾಡಲಾಗುತ್ತಿದೆ. ಗ್ರಾಮಸಹಾಯಕರ ನೇಮಕಾತಿ ಪ್ರಕ್ರಿಯೆ ನಡೆಯುತ್ತಿದೆ. 100 ತಾಲೂಕುಗಳಲ್ಲಿ ಸ್ಕ್ಯಾನಿಂಗ್ ಪೂರ್ಣಗೊಂಡಿದೆ. ಇನ್ನುಳಿದ ತಾಲೂಕುಗಳಲ್ಲಿ ಶೀಘ್ರ ಪೂರ್ಣಗೊಳಿಸಲಾಗುವುದು ಎಂದರು.
